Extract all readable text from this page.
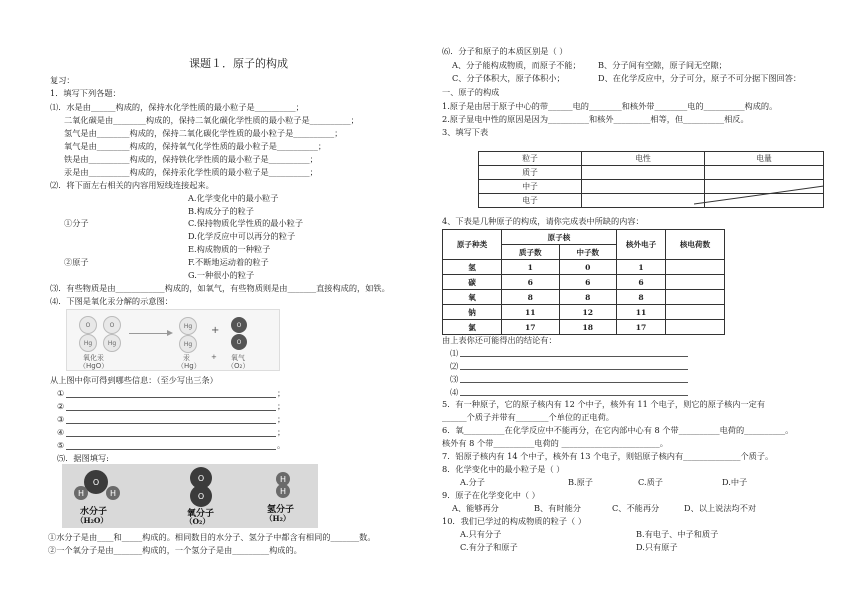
课题１．原子的构成
复习：
1．填写下列各题：
⑴．水是由______构成的，保持水化学性质的最小粒子是__________；
二氧化碳是由________构成的，保持二氧化碳化学性质的最小粒子是__________；
氢气是由________构成的，保持二氧化碳化学性质的最小粒子是__________；
氧气是由________构成的，保持氧气化学性质的最小粒子是__________；
铁是由__________构成的，保持铁化学性质的最小粒子是__________；
汞是由__________构成的，保持汞化学性质的最小粒子是__________；
⑵．将下面左右相关的内容用短线连接起来。
A.化学变化中的最小粒子
B.构成分子的粒子
①分子	C.保持物质化学性质的最小粒子
D.化学反应中可以再分的粒子
E.构成物质的一种粒子
②原子	F.不断地运动着的粒子
G.一种很小的粒子
⑶．有些物质是由____________构成的，如氧气，有些物质则是由_______直接构成的，如铁。
⑷．下图是氧化汞分解的示意图：
O	O
Hg	Hg
Hg
Hg
+	O
O
氧化汞
（HgO）
汞
（Hg）
+ 氧气
（O₂）
从上图中你可得到哪些信息：（至少写出三条）
①	；
②	；
③	；
④	；
⑤	。
⑸．据图填写:
O
H	H
O
O
H
H
水分子
（H₂O）
氧分子
（O₂）
氢分子
（H₂）
①水分子是由____和_____构成的。相同数目的水分子、氢分子中都含有相同的_______数。
②一个氧分子是由_______构成的，一个氢分子是由_________构成的。
⑹．分子和原子的本质区别是（ ）
A、分子能构成物质，而原子不能； B、分子间有空隙，原子间无空隙；
C、分子体积大，原子体积小；	D、在化学反应中，分子可分，原子不可分据下图回答：
一、原子的构成
1.原子是由居于原子中心的带______电的________和核外带________电的__________构成的。
2.原子显电中性的原因是因为__________和核外_________相等，但__________相反。
3、填写下表
粒子	电性	电量
质子		
中子		
电子		
4、下表是几种原子的构成，请你完成表中所缺的内容：
原子种类	原子核		核外电子	核电荷数
	质子数	中子数		
氢	1	0	1	
碳	6	6	6	
氧	8	8	8	
钠	11	12	11	
氯	17	18	17	
由上表你还可能得出的结论有：
⑴
⑵
⑶
⑷
5．有一种原子，它的原子核内有 12 个中子，核外有 11 个电子，则它的原子核内一定有
______个质子并带有________个单位的正电荷。
6．氧__________在化学反应中不能再分，在它内部中心有 8 个带__________电荷的__________。
核外有 8 个带__________电荷的 ________________________。
7．铝原子核内有 14 个中子，核外有 13 个电子，则铝原子核内有______________个质子。
8．化学变化中的最小粒子是（ ）
A.分子	B.原子	C.质子	D.中子
9．原子在化学变化中（ ）
A、能够再分	B、有时能分	C、不能再分	D、以上说法均不对
10．我们已学过的构成物质的粒子（ ）
A.只有分子	B.有电子、中子和质子
C.有分子和原子	D.只有原子
